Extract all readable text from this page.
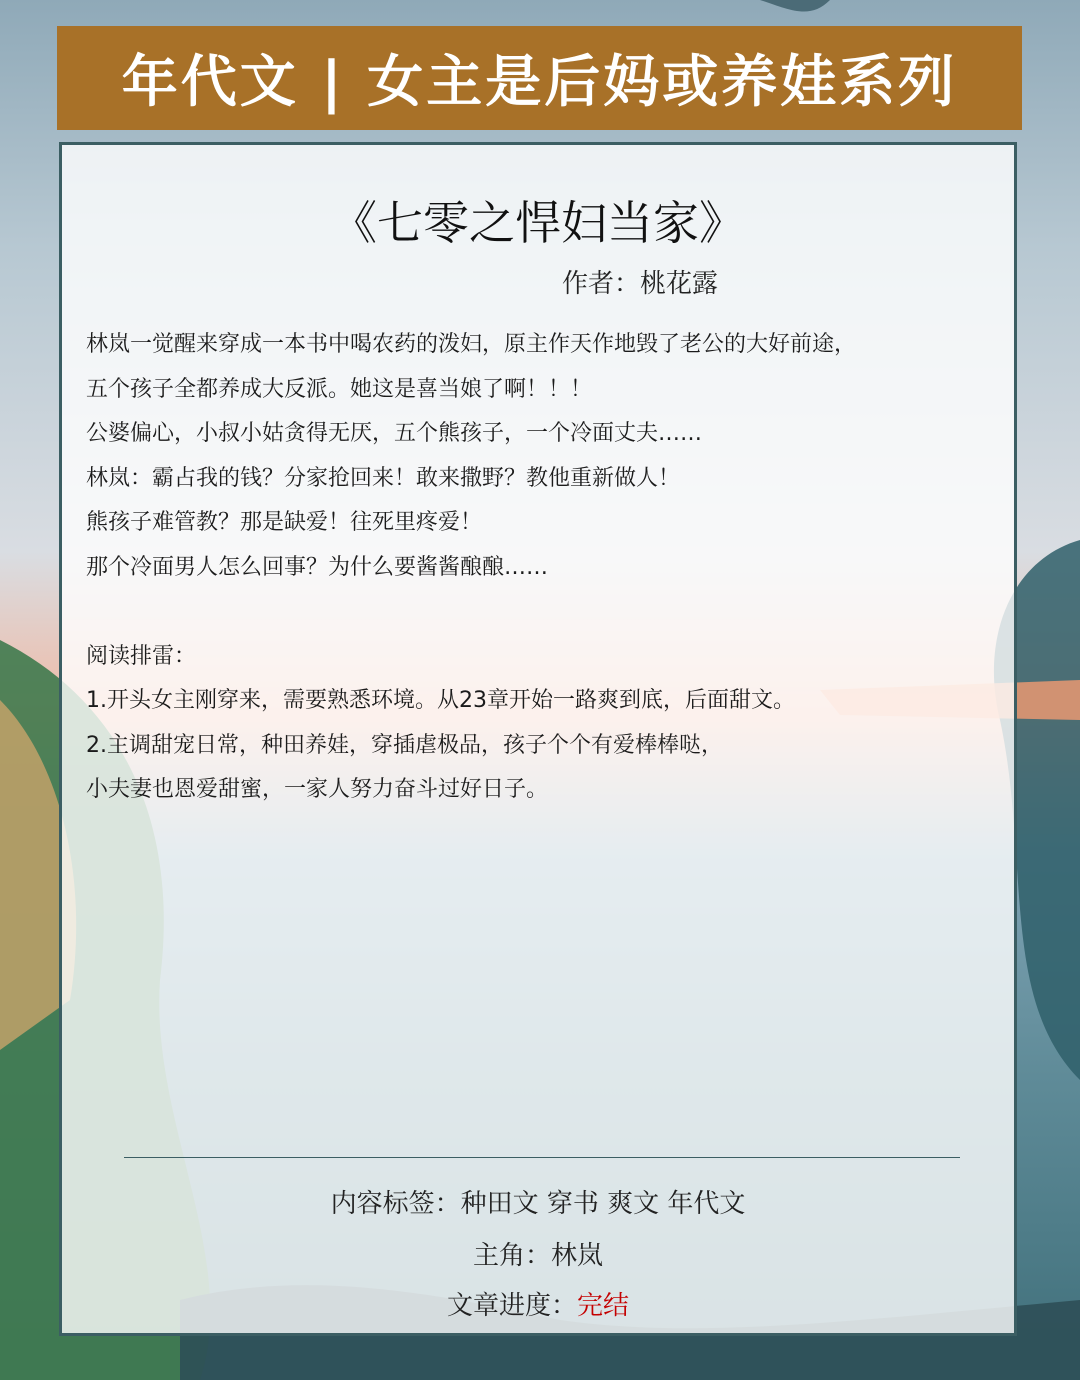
年代文 | 女主是后妈或养娃系列
《七零之悍妇当家》
作者：桃花露
林岚一觉醒来穿成一本书中喝农药的泼妇，原主作天作地毁了老公的大好前途，
五个孩子全都养成大反派。她这是喜当娘了啊！！！
公婆偏心，小叔小姑贪得无厌，五个熊孩子，一个冷面丈夫……
林岚：霸占我的钱？分家抢回来！敢来撒野？教他重新做人！
熊孩子难管教？那是缺爱！往死里疼爱！
那个冷面男人怎么回事？为什么要酱酱酿酿……
阅读排雷：
1.开头女主刚穿来，需要熟悉环境。从23章开始一路爽到底，后面甜文。
2.主调甜宠日常，种田养娃，穿插虐极品，孩子个个有爱棒棒哒，
小夫妻也恩爱甜蜜，一家人努力奋斗过好日子。
内容标签：种田文 穿书 爽文 年代文
主角：林岚
文章进度：完结
